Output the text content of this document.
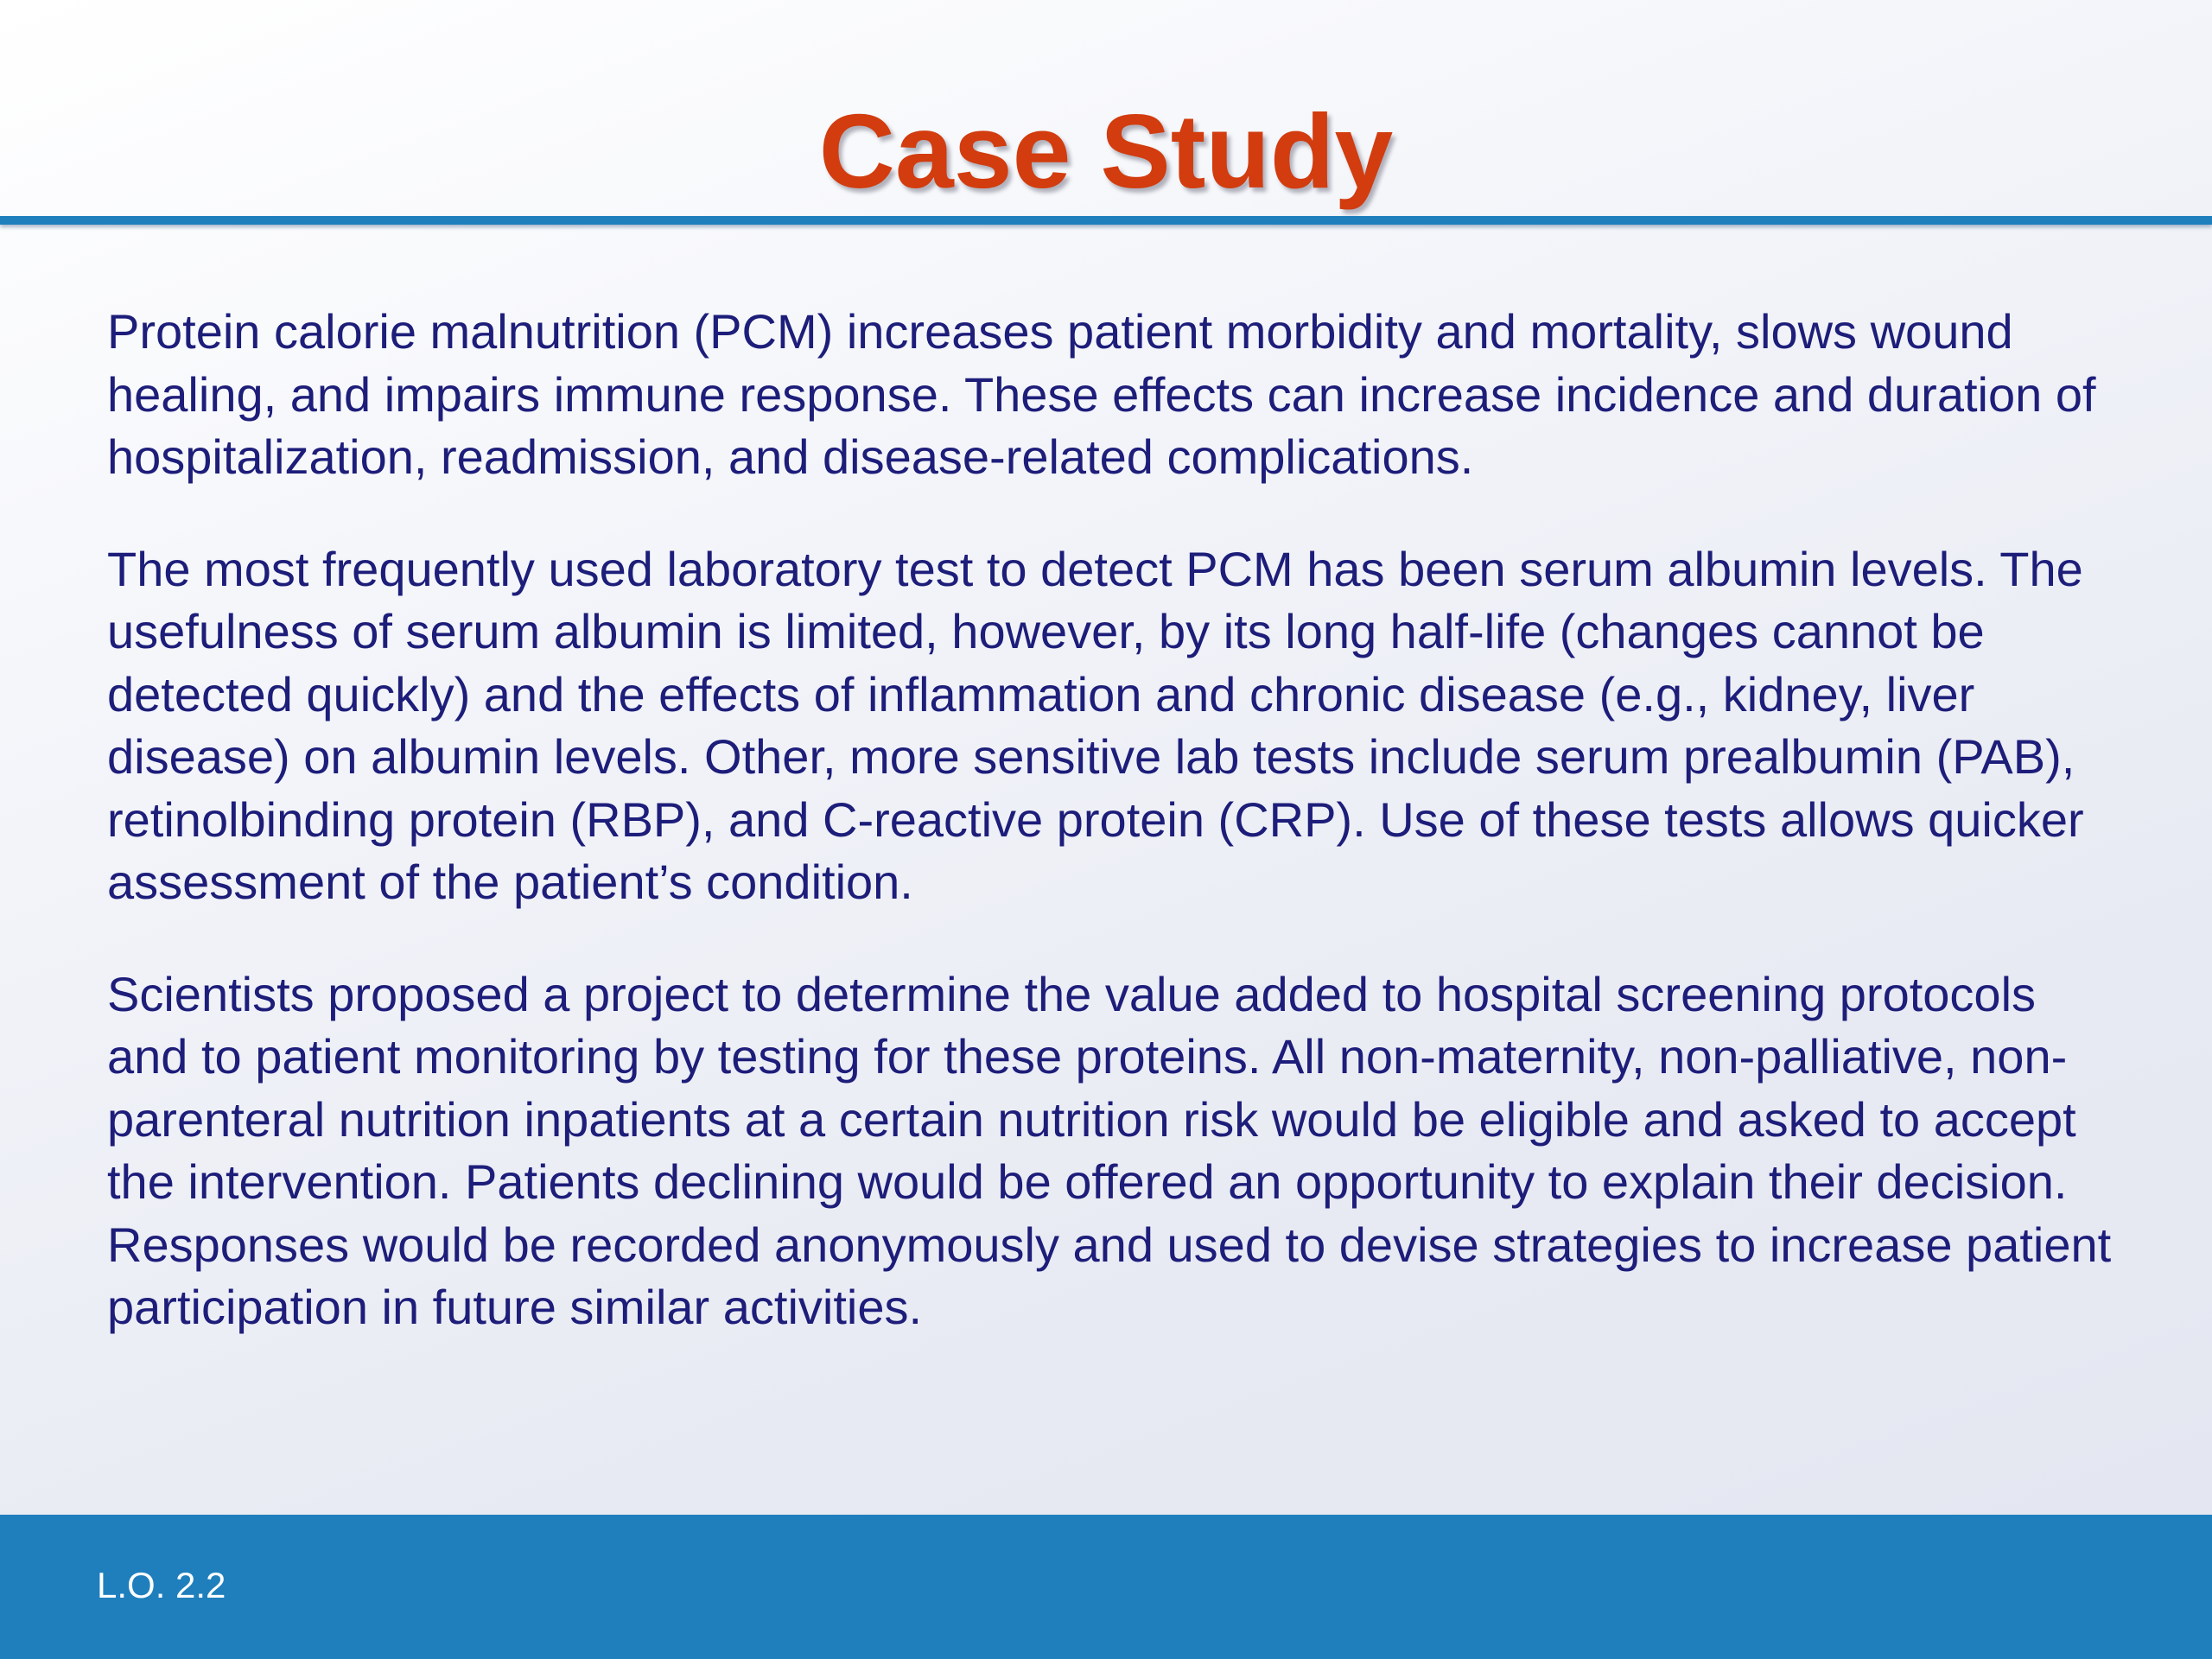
Case Study

Protein calorie malnutrition (PCM) increases patient morbidity and mortality, slows wound healing, and impairs immune response. These effects can increase incidence and duration of hospitalization, readmission, and disease-related complications.

The most frequently used laboratory test to detect PCM has been serum albumin levels. The usefulness of serum albumin is limited, however, by its long half-life (changes cannot be detected quickly) and the effects of inflammation and chronic disease (e.g., kidney, liver disease) on albumin levels. Other, more sensitive lab tests include serum prealbumin (PAB), retinolbinding protein (RBP), and C-reactive protein (CRP). Use of these tests allows quicker assessment of the patient’s condition.

Scientists proposed a project to determine the value added to hospital screening protocols and to patient monitoring by testing for these proteins. All non-maternity, non-palliative, non-parenteral nutrition inpatients at a certain nutrition risk would be eligible and asked to accept the intervention. Patients declining would be offered an opportunity to explain their decision. Responses would be recorded anonymously and used to devise strategies to increase patient participation in future similar activities.

L.O. 2.2
